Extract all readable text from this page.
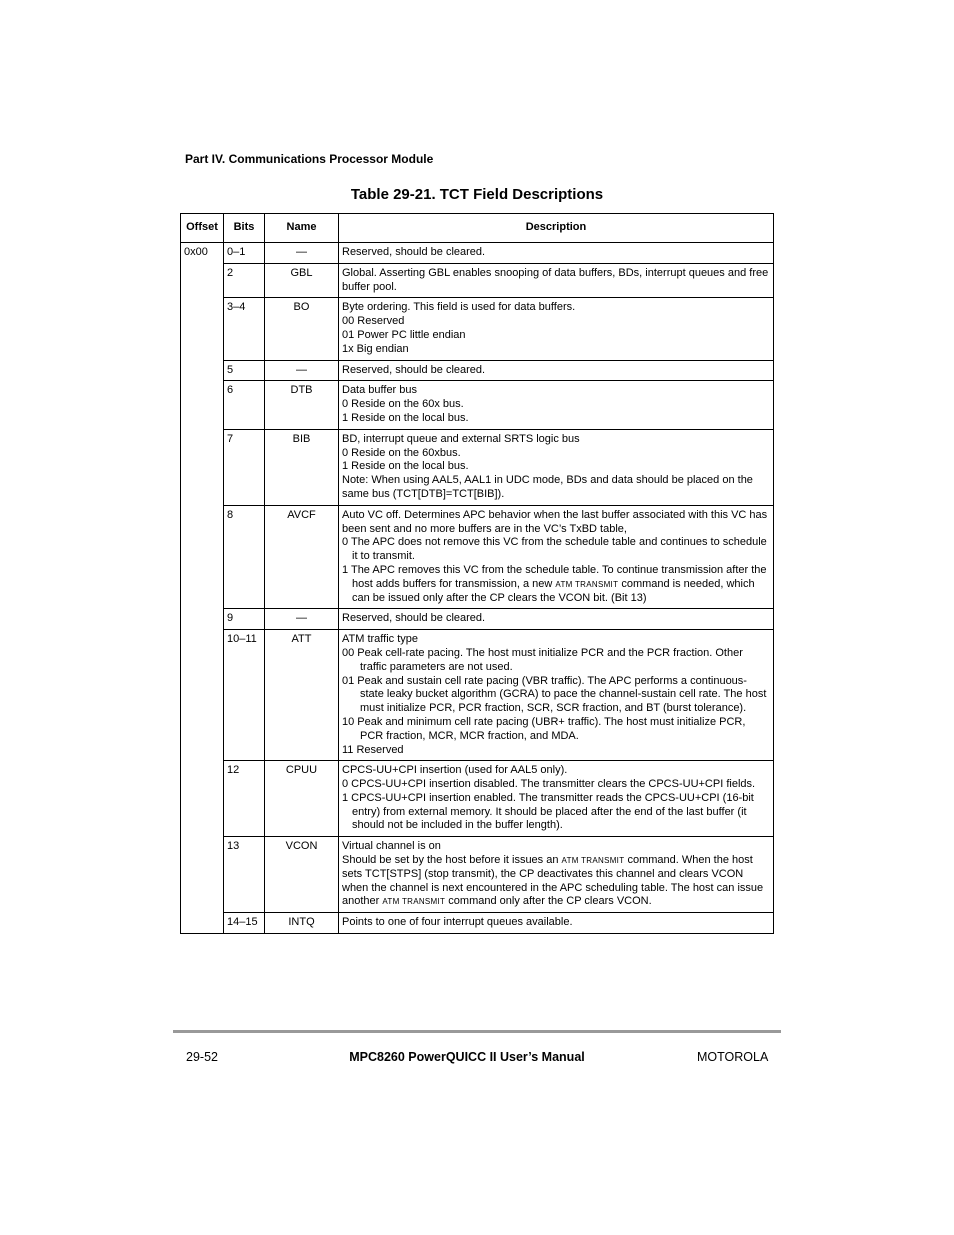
Part IV. Communications Processor Module
Table 29-21. TCT Field Descriptions
Offset	Bits	Name	Description
0x00	0–1	—	Reserved, should be cleared.

	2	GBL	Global. Asserting GBL enables snooping of data buffers, BDs, interrupt queues and free buffer pool.

	3–4	BO	Byte ordering. This field is used for data buffers.
00 Reserved
01 Power PC little endian
1x Big endian

	5	—	Reserved, should be cleared.

	6	DTB	Data buffer bus
0 Reside on the 60x bus.
1 Reside on the local bus.

	7	BIB	BD, interrupt queue and external SRTS logic bus
0 Reside on the 60xbus.
1 Reside on the local bus.
Note: When using AAL5, AAL1 in UDC mode, BDs and data should be placed on the same bus (TCT[DTB]=TCT[BIB]).

	8	AVCF	Auto VC off. Determines APC behavior when the last buffer associated with this VC has been sent and no more buffers are in the VC’s TxBD table,
0 The APC does not remove this VC from the schedule table and continues to schedule it to transmit.
1 The APC removes this VC from the schedule table. To continue transmission after the host adds buffers for transmission, a new ATM TRANSMIT command is needed, which can be issued only after the CP clears the VCON bit. (Bit 13)

	9	—	Reserved, should be cleared.

	10–11	ATT	ATM traffic type
00 Peak cell-rate pacing. The host must initialize PCR and the PCR fraction. Other traffic parameters are not used.
01 Peak and sustain cell rate pacing (VBR traffic). The APC performs a continuous-state leaky bucket algorithm (GCRA) to pace the channel-sustain cell rate. The host must initialize PCR, PCR fraction, SCR, SCR fraction, and BT (burst tolerance).
10 Peak and minimum cell rate pacing (UBR+ traffic). The host must initialize PCR, PCR fraction, MCR, MCR fraction, and MDA.
11 Reserved

	12	CPUU	CPCS-UU+CPI insertion (used for AAL5 only).
0 CPCS-UU+CPI insertion disabled. The transmitter clears the CPCS-UU+CPI fields.
1 CPCS-UU+CPI insertion enabled. The transmitter reads the CPCS-UU+CPI (16-bit entry) from external memory. It should be placed after the end of the last buffer (it should not be included in the buffer length).

	13	VCON	Virtual channel is on
Should be set by the host before it issues an ATM TRANSMIT command. When the host sets TCT[STPS] (stop transmit), the CP deactivates this channel and clears VCON when the channel is next encountered in the APC scheduling table. The host can issue another ATM TRANSMIT command only after the CP clears VCON.

	14–15	INTQ	Points to one of four interrupt queues available.
29-52	MPC8260 PowerQUICC II User’s Manual	MOTOROLA
